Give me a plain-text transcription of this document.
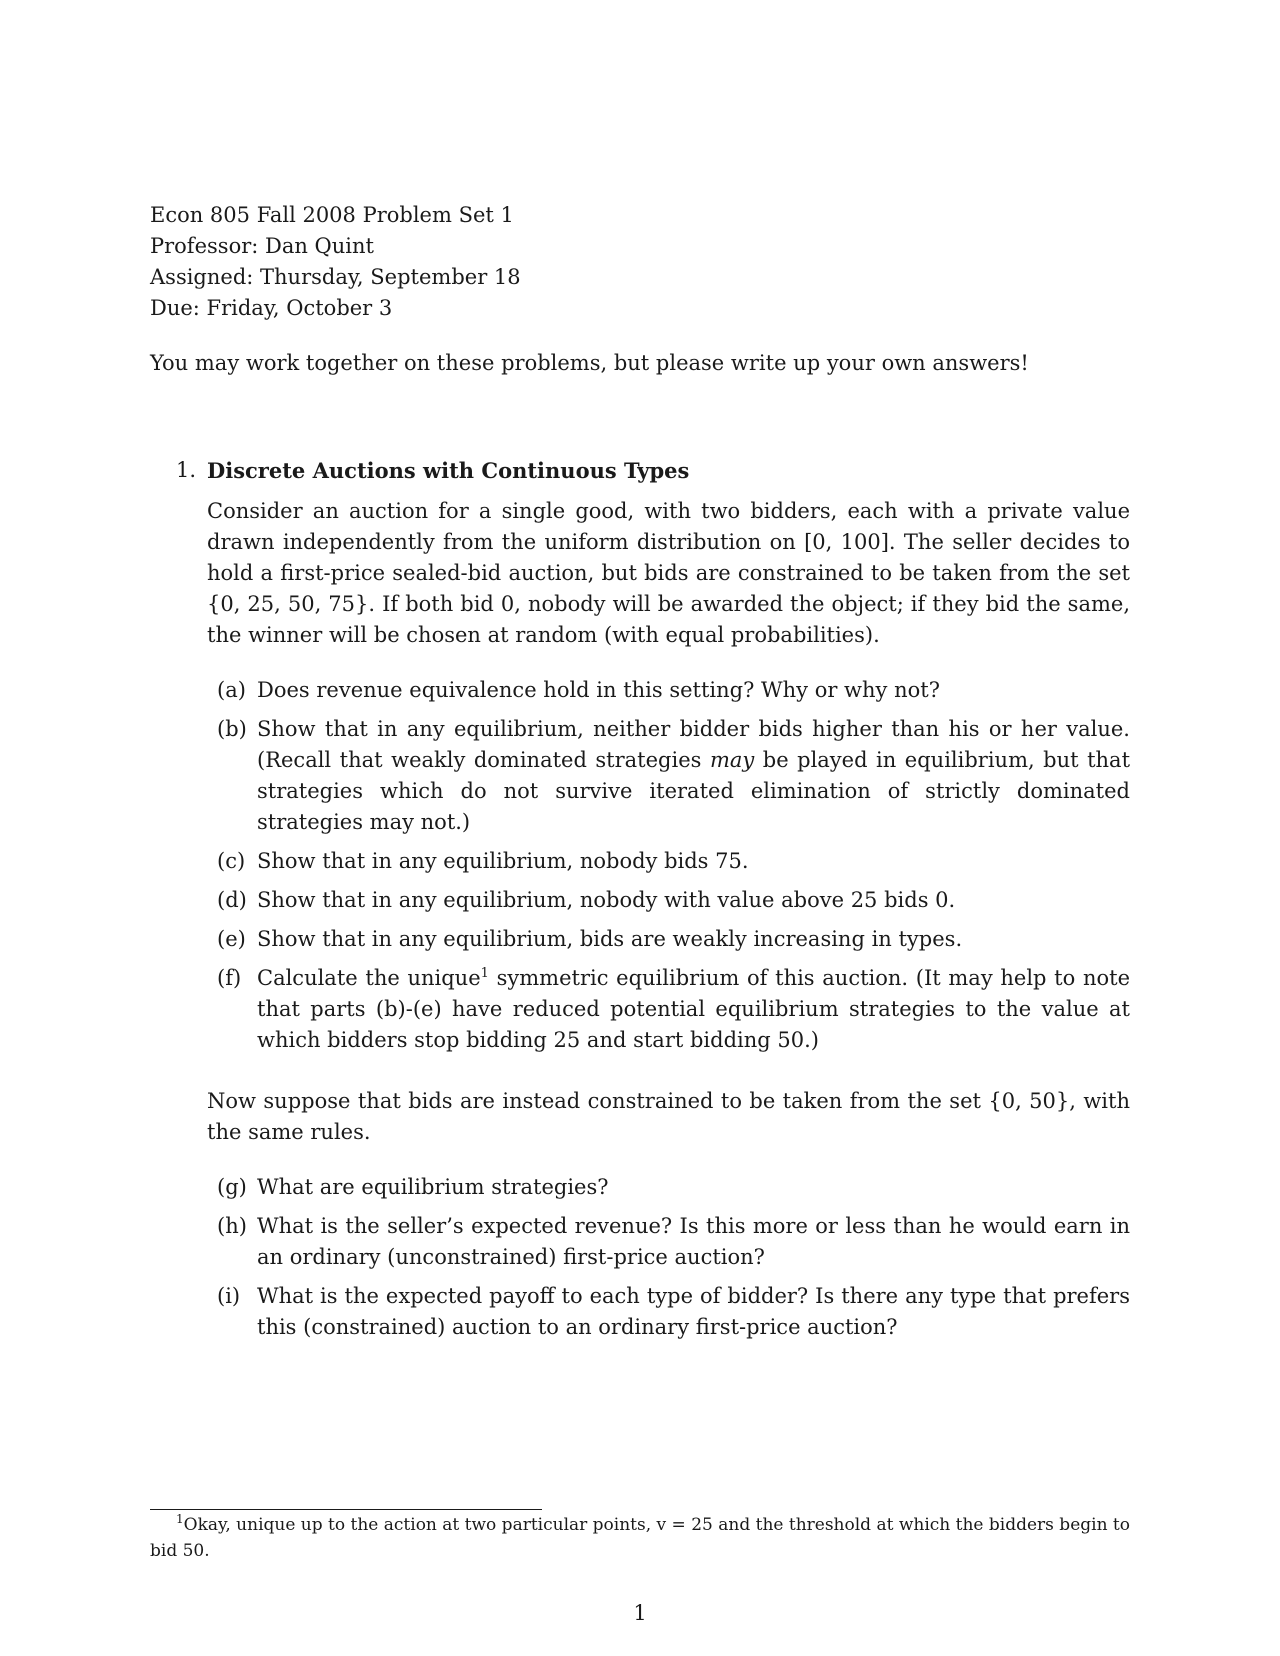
Econ 805 Fall 2008 Problem Set 1
Professor: Dan Quint
Assigned: Thursday, September 18
Due: Friday, October 3
You may work together on these problems, but please write up your own answers!
1. Discrete Auctions with Continuous Types
Consider an auction for a single good, with two bidders, each with a private value drawn independently from the uniform distribution on [0, 100]. The seller decides to hold a first-price sealed-bid auction, but bids are constrained to be taken from the set {0, 25, 50, 75}. If both bid 0, nobody will be awarded the object; if they bid the same, the winner will be chosen at random (with equal probabilities).
(a) Does revenue equivalence hold in this setting? Why or why not?
(b) Show that in any equilibrium, neither bidder bids higher than his or her value. (Recall that weakly dominated strategies may be played in equilibrium, but that strategies which do not survive iterated elimination of strictly dominated strategies may not.)
(c) Show that in any equilibrium, nobody bids 75.
(d) Show that in any equilibrium, nobody with value above 25 bids 0.
(e) Show that in any equilibrium, bids are weakly increasing in types.
(f) Calculate the unique$^1$ symmetric equilibrium of this auction. (It may help to note that parts (b)-(e) have reduced potential equilibrium strategies to the value at which bidders stop bidding 25 and start bidding 50.)
Now suppose that bids are instead constrained to be taken from the set {0, 50}, with the same rules.
(g) What are equilibrium strategies?
(h) What is the seller’s expected revenue? Is this more or less than he would earn in an ordinary (unconstrained) first-price auction?
(i) What is the expected payoff to each type of bidder? Is there any type that prefers this (constrained) auction to an ordinary first-price auction?
$^1$Okay, unique up to the action at two particular points, v = 25 and the threshold at which the bidders begin to bid 50.
1
